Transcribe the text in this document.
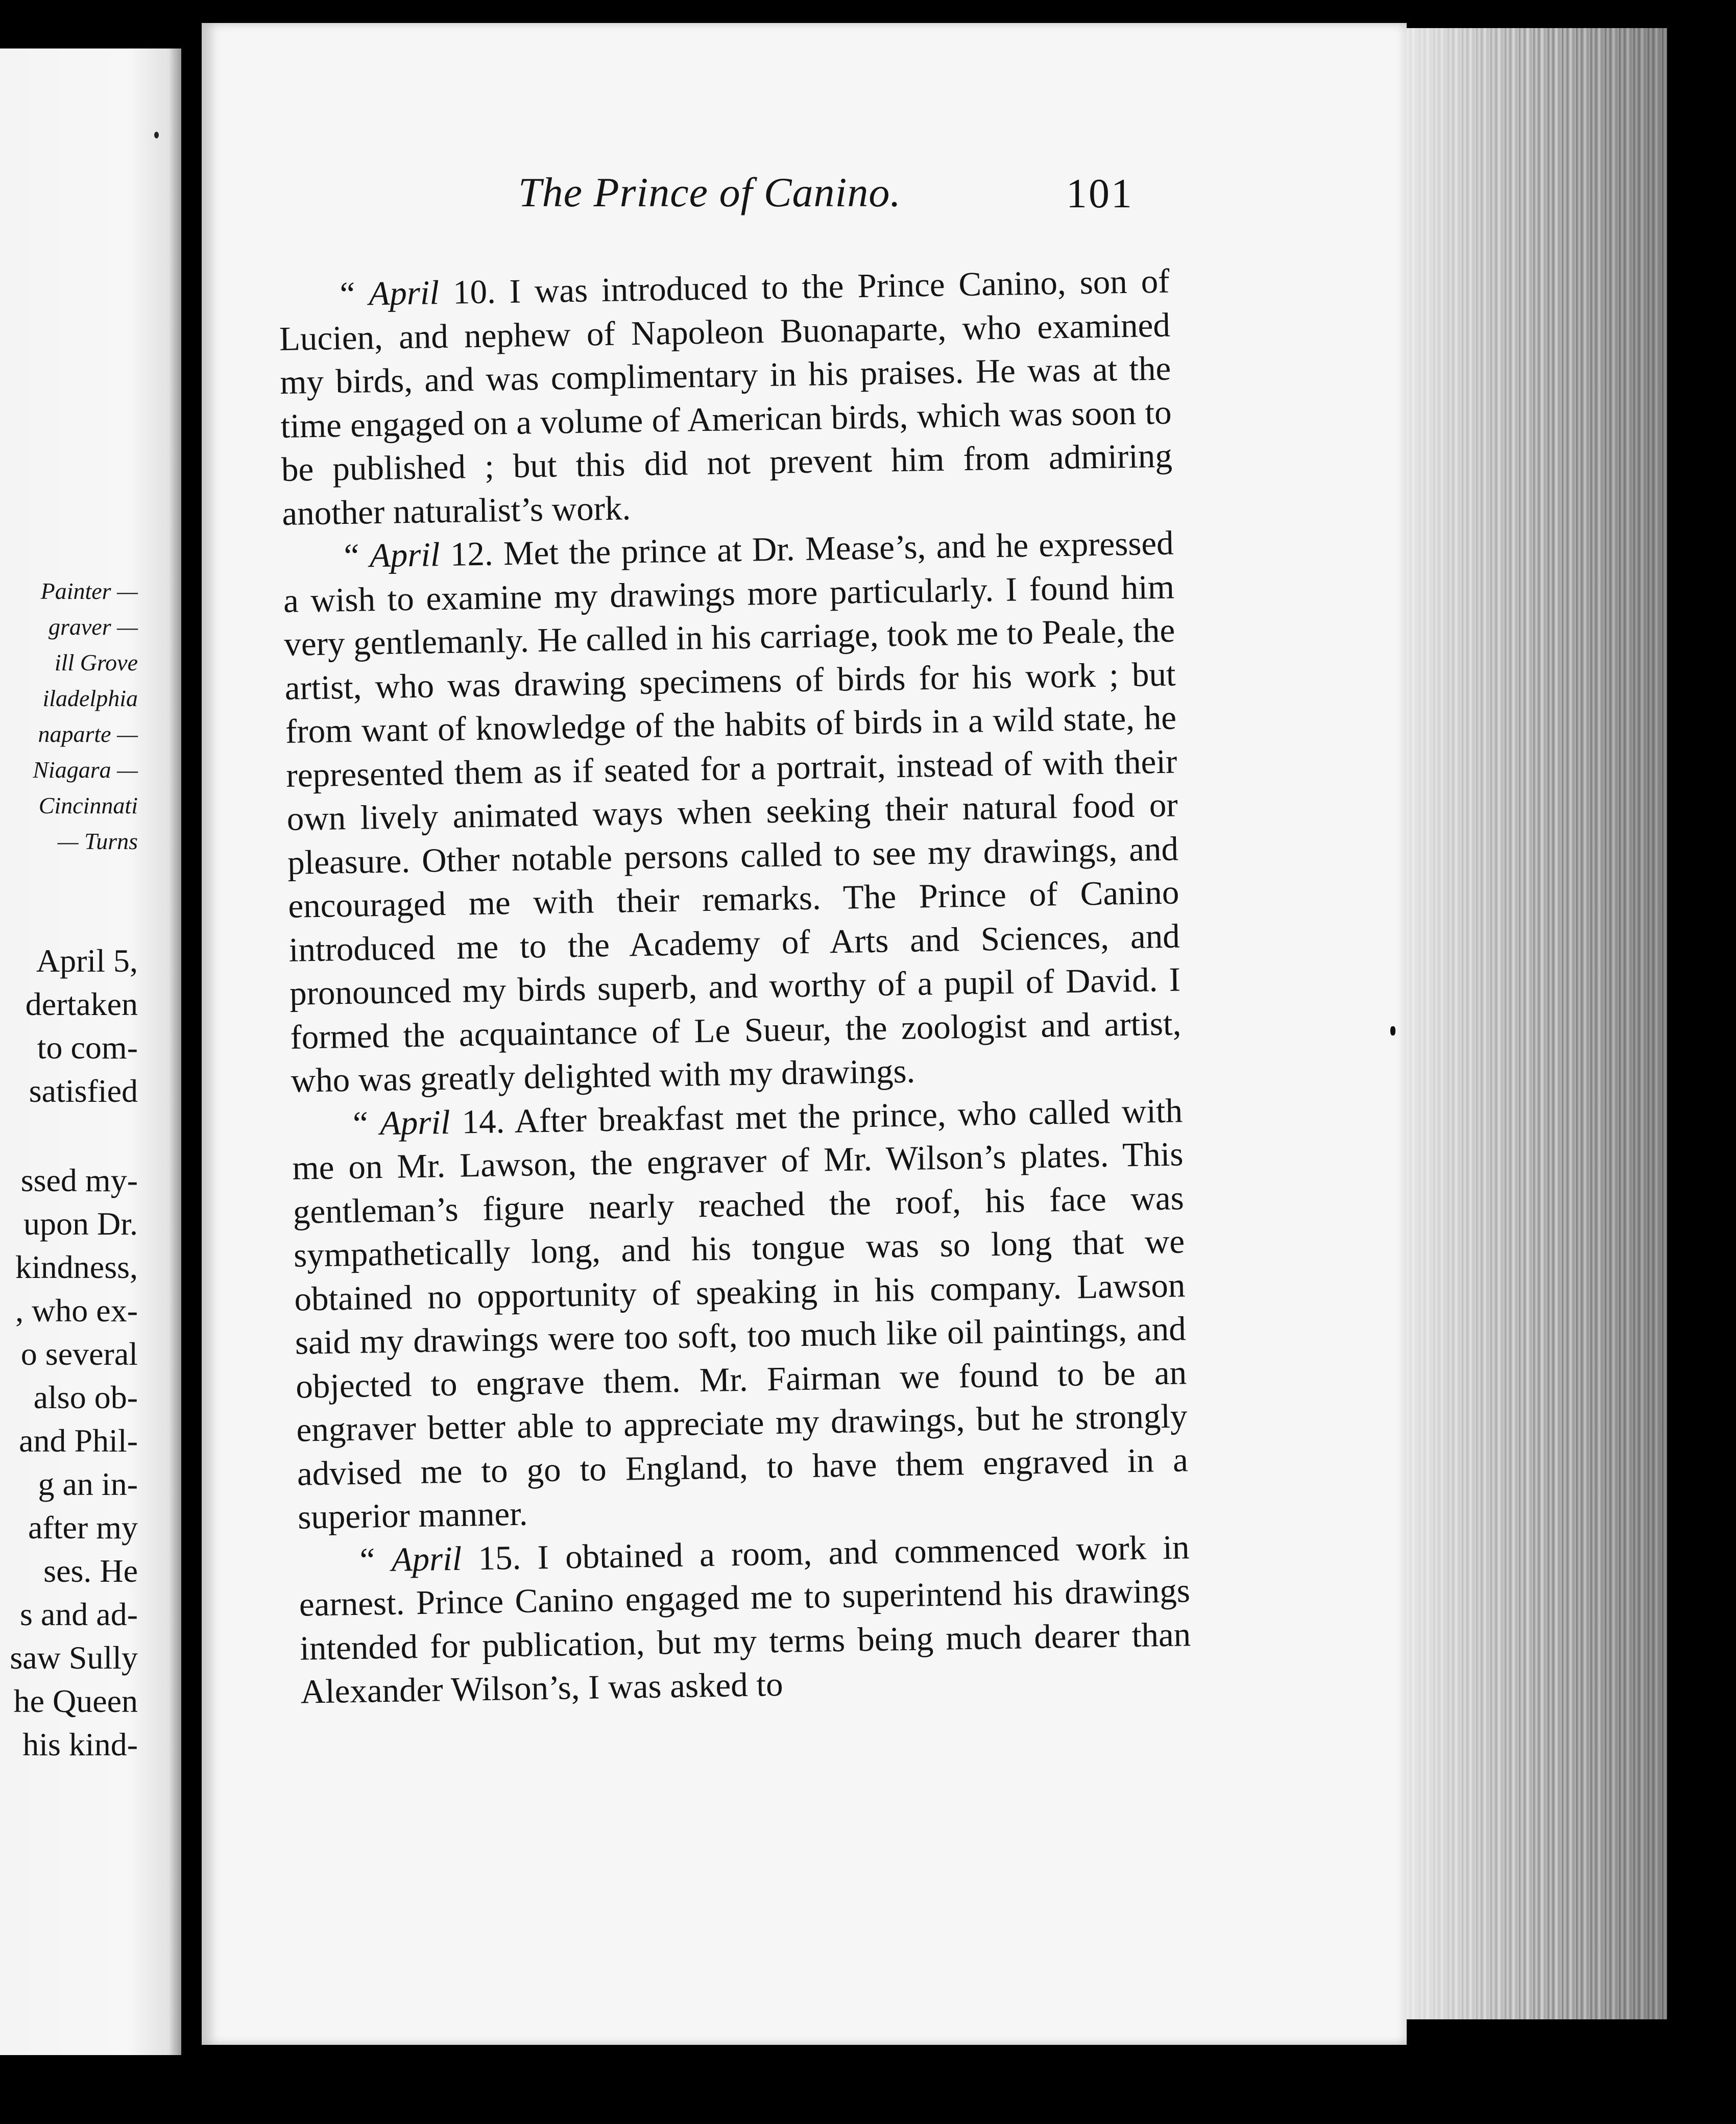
Painter —
graver —
ill Grove
iladelphia
naparte —
Niagara —
Cincinnati
— Turns
April 5,
dertaken
to com-
satisfied
ssed my-
upon Dr.
kindness,
, who ex-
o several
also ob-
and Phil-
g an in-
after my
ses. He
s and ad-
saw Sully
he Queen
his kind-
The Prince of Canino.	101

“ April 10. I was introduced to the Prince Canino, son of Lucien, and nephew of Napoleon Buonaparte, who examined my birds, and was complimentary in his praises. He was at the time engaged on a volume of American birds, which was soon to be published ; but this did not prevent him from admiring another naturalist’s work.

“ April 12. Met the prince at Dr. Mease’s, and he expressed a wish to examine my drawings more particularly. I found him very gentlemanly. He called in his carriage, took me to Peale, the artist, who was drawing specimens of birds for his work ; but from want of knowledge of the habits of birds in a wild state, he represented them as if seated for a portrait, instead of with their own lively animated ways when seeking their natural food or pleasure. Other notable persons called to see my drawings, and encouraged me with their remarks. The Prince of Canino introduced me to the Academy of Arts and Sciences, and pronounced my birds superb, and worthy of a pupil of David. I formed the acquaintance of Le Sueur, the zoologist and artist, who was greatly delighted with my drawings.

“ April 14. After breakfast met the prince, who called with me on Mr. Lawson, the engraver of Mr. Wilson’s plates. This gentleman’s figure nearly reached the roof, his face was sympathetically long, and his tongue was so long that we obtained no opportunity of speaking in his company. Lawson said my drawings were too soft, too much like oil paintings, and objected to engrave them. Mr. Fairman we found to be an engraver better able to appreciate my drawings, but he strongly advised me to go to England, to have them engraved in a superior manner.

“ April 15. I obtained a room, and commenced work in earnest. Prince Canino engaged me to superintend his drawings intended for publication, but my terms being much dearer than Alexander Wilson’s, I was asked to
